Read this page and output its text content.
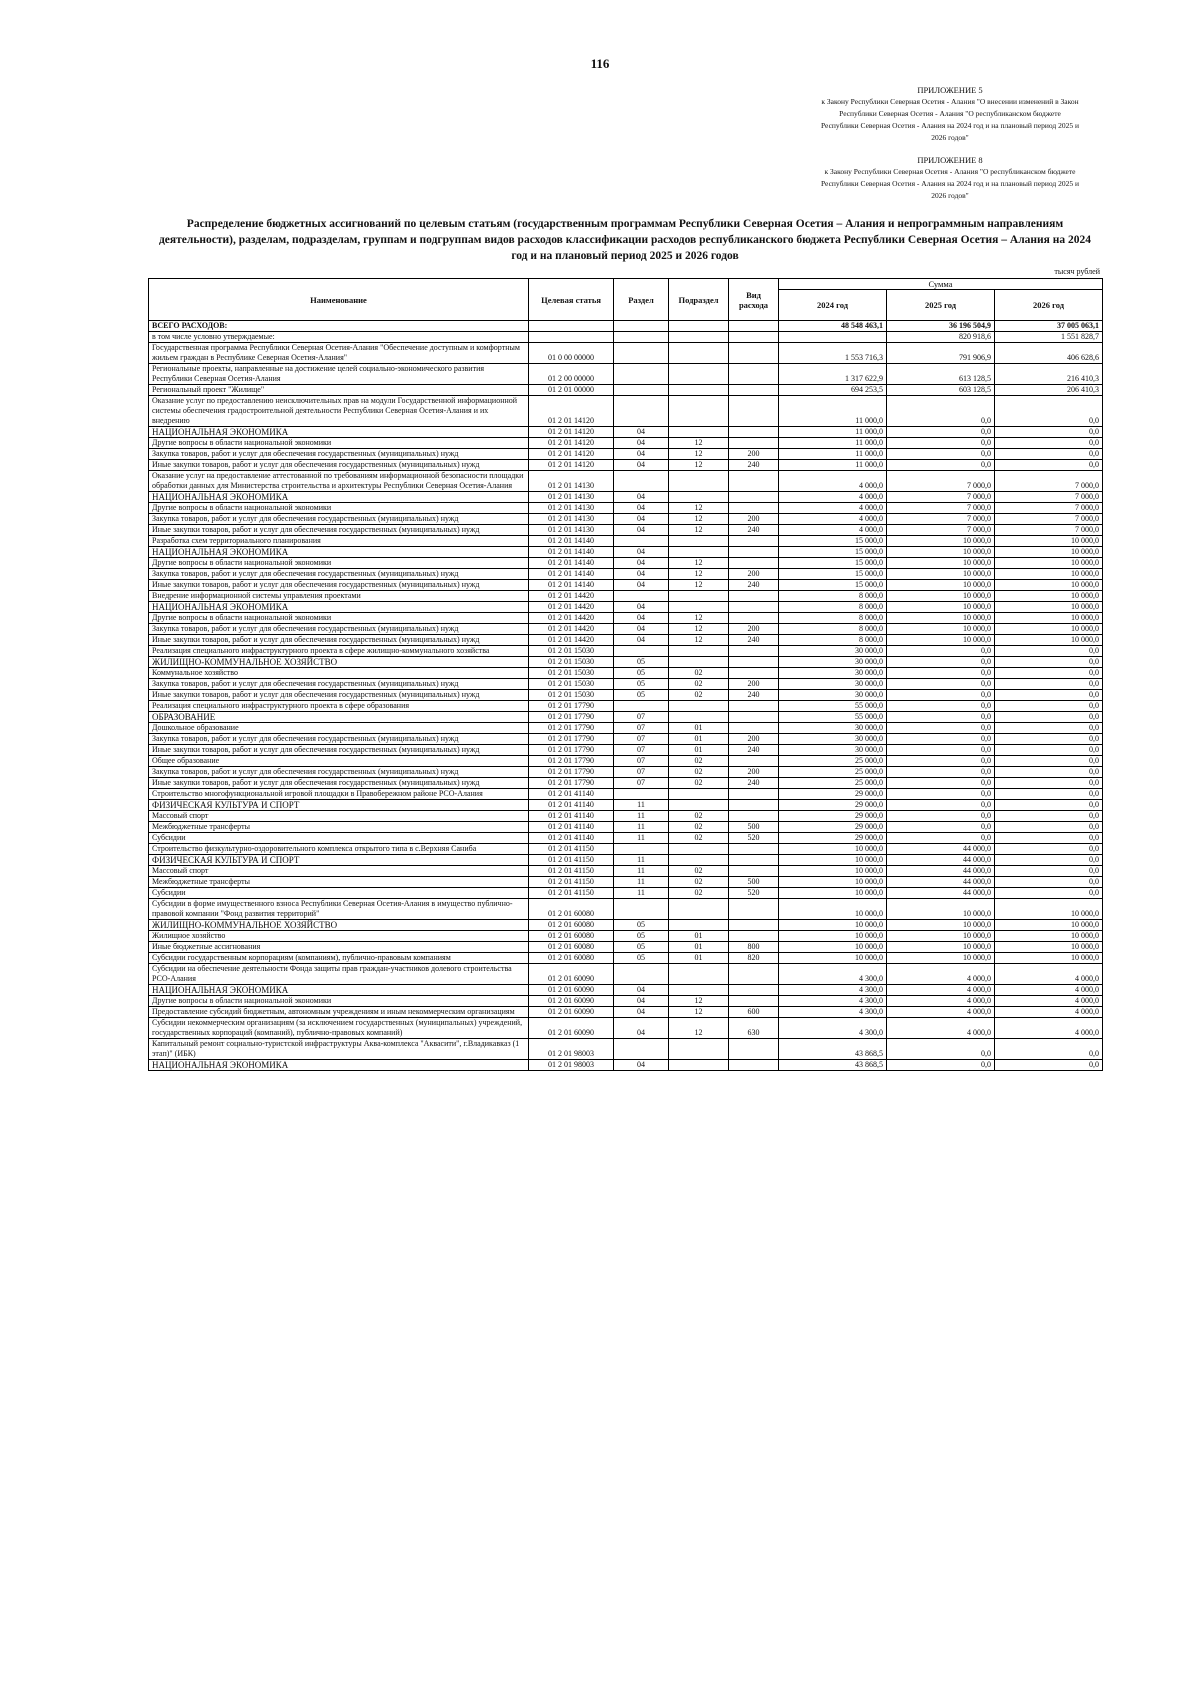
116
ПРИЛОЖЕНИЕ 5
к Закону Республики Северная Осетия - Алания "О внесении изменений в Закон Республики Северная Осетия - Алания "О республиканском бюджете Республики Северная Осетия - Алания на 2024 год и на плановый период 2025 и 2026 годов"
ПРИЛОЖЕНИЕ 8
к Закону Республики Северная Осетия - Алания "О республиканском бюджете Республики Северная Осетия - Алания на 2024 год и на плановый период 2025 и 2026 годов"
Распределение бюджетных ассигнований по целевым статьям (государственным программам Республики Северная Осетия – Алания и непрограммным направлениям деятельности), разделам, подразделам, группам и подгруппам видов расходов классификации расходов республиканского бюджета Республики Северная Осетия – Алания на 2024 год и на плановый период 2025 и 2026 годов
тысяч рублей
Наименование	Целевая статья	Раздел	Подраздел	Вид расхода	Сумма		
					2024 год	2025 год	2026 год
ВСЕГО РАСХОДОВ:					48 548 463,1	36 196 504,9	37 005 063,1
в том числе условно утверждаемые:						820 918,6	1 551 828,7
Государственная программа Республики Северная Осетия-Алания "Обеспечение доступным и комфортным жильем граждан в Республике Северная Осетия-Алания"	01 0 00 00000				1 553 716,3	791 906,9	406 628,6
Региональные проекты, направленные на достижение целей социально-экономического развития Республики Северная Осетия-Алания	01 2 00 00000				1 317 622,9	613 128,5	216 410,3
Региональный проект "Жилище"	01 2 01 00000				694 253,5	603 128,5	206 410,3
Оказание услуг по предоставлению неисключительных прав на модули Государственной информационной системы обеспечения градостроительной деятельности Республики Северная Осетия-Алания и их внедрению	01 2 01 14120				11 000,0	0,0	0,0
НАЦИОНАЛЬНАЯ ЭКОНОМИКА	01 2 01 14120	04			11 000,0	0,0	0,0
Другие вопросы в области национальной экономики	01 2 01 14120	04	12		11 000,0	0,0	0,0
Закупка товаров, работ и услуг для обеспечения государственных (муниципальных) нужд	01 2 01 14120	04	12	200	11 000,0	0,0	0,0
Иные закупки товаров, работ и услуг для обеспечения государственных (муниципальных) нужд	01 2 01 14120	04	12	240	11 000,0	0,0	0,0
Оказание услуг на предоставление аттестованной по требованиям информационной безопасности площадки обработки данных для Министерства строительства и архитектуры Республики Северная Осетия-Алания	01 2 01 14130				4 000,0	7 000,0	7 000,0
НАЦИОНАЛЬНАЯ ЭКОНОМИКА	01 2 01 14130	04			4 000,0	7 000,0	7 000,0
Другие вопросы в области национальной экономики	01 2 01 14130	04	12		4 000,0	7 000,0	7 000,0
Закупка товаров, работ и услуг для обеспечения государственных (муниципальных) нужд	01 2 01 14130	04	12	200	4 000,0	7 000,0	7 000,0
Иные закупки товаров, работ и услуг для обеспечения государственных (муниципальных) нужд	01 2 01 14130	04	12	240	4 000,0	7 000,0	7 000,0
Разработка схем территориального планирования	01 2 01 14140				15 000,0	10 000,0	10 000,0
НАЦИОНАЛЬНАЯ ЭКОНОМИКА	01 2 01 14140	04			15 000,0	10 000,0	10 000,0
Другие вопросы в области национальной экономики	01 2 01 14140	04	12		15 000,0	10 000,0	10 000,0
Закупка товаров, работ и услуг для обеспечения государственных (муниципальных) нужд	01 2 01 14140	04	12	200	15 000,0	10 000,0	10 000,0
Иные закупки товаров, работ и услуг для обеспечения государственных (муниципальных) нужд	01 2 01 14140	04	12	240	15 000,0	10 000,0	10 000,0
Внедрение информационной системы управления проектами	01 2 01 14420				8 000,0	10 000,0	10 000,0
НАЦИОНАЛЬНАЯ ЭКОНОМИКА	01 2 01 14420	04			8 000,0	10 000,0	10 000,0
Другие вопросы в области национальной экономики	01 2 01 14420	04	12		8 000,0	10 000,0	10 000,0
Закупка товаров, работ и услуг для обеспечения государственных (муниципальных) нужд	01 2 01 14420	04	12	200	8 000,0	10 000,0	10 000,0
Иные закупки товаров, работ и услуг для обеспечения государственных (муниципальных) нужд	01 2 01 14420	04	12	240	8 000,0	10 000,0	10 000,0
Реализация специального инфраструктурного проекта в сфере жилищно-коммунального хозяйства	01 2 01 15030				30 000,0	0,0	0,0
ЖИЛИЩНО-КОММУНАЛЬНОЕ ХОЗЯЙСТВО	01 2 01 15030	05			30 000,0	0,0	0,0
Коммунальное хозяйство	01 2 01 15030	05	02		30 000,0	0,0	0,0
Закупка товаров, работ и услуг для обеспечения государственных (муниципальных) нужд	01 2 01 15030	05	02	200	30 000,0	0,0	0,0
Иные закупки товаров, работ и услуг для обеспечения государственных (муниципальных) нужд	01 2 01 15030	05	02	240	30 000,0	0,0	0,0
Реализация специального инфраструктурного проекта в сфере образования	01 2 01 17790				55 000,0	0,0	0,0
ОБРАЗОВАНИЕ	01 2 01 17790	07			55 000,0	0,0	0,0
Дошкольное образование	01 2 01 17790	07	01		30 000,0	0,0	0,0
Закупка товаров, работ и услуг для обеспечения государственных (муниципальных) нужд	01 2 01 17790	07	01	200	30 000,0	0,0	0,0
Иные закупки товаров, работ и услуг для обеспечения государственных (муниципальных) нужд	01 2 01 17790	07	01	240	30 000,0	0,0	0,0
Общее образование	01 2 01 17790	07	02		25 000,0	0,0	0,0
Закупка товаров, работ и услуг для обеспечения государственных (муниципальных) нужд	01 2 01 17790	07	02	200	25 000,0	0,0	0,0
Иные закупки товаров, работ и услуг для обеспечения государственных (муниципальных) нужд	01 2 01 17790	07	02	240	25 000,0	0,0	0,0
Строительство многофункциональной игровой площадки в Правобережном районе РСО-Алания	01 2 01 41140				29 000,0	0,0	0,0
ФИЗИЧЕСКАЯ КУЛЬТУРА И СПОРТ	01 2 01 41140	11			29 000,0	0,0	0,0
Массовый спорт	01 2 01 41140	11	02		29 000,0	0,0	0,0
Межбюджетные трансферты	01 2 01 41140	11	02	500	29 000,0	0,0	0,0
Субсидии	01 2 01 41140	11	02	520	29 000,0	0,0	0,0
Строительство физкультурно-оздоровительного комплекса открытого типа в с.Верхняя Саниба	01 2 01 41150				10 000,0	44 000,0	0,0
ФИЗИЧЕСКАЯ КУЛЬТУРА И СПОРТ	01 2 01 41150	11			10 000,0	44 000,0	0,0
Массовый спорт	01 2 01 41150	11	02		10 000,0	44 000,0	0,0
Межбюджетные трансферты	01 2 01 41150	11	02	500	10 000,0	44 000,0	0,0
Субсидии	01 2 01 41150	11	02	520	10 000,0	44 000,0	0,0
Субсидии в форме имущественного взноса Республики Северная Осетия-Алания в имущество публично-правовой компании "Фонд развития территорий"	01 2 01 60080				10 000,0	10 000,0	10 000,0
ЖИЛИЩНО-КОММУНАЛЬНОЕ ХОЗЯЙСТВО	01 2 01 60080	05			10 000,0	10 000,0	10 000,0
Жилищное хозяйство	01 2 01 60080	05	01		10 000,0	10 000,0	10 000,0
Иные бюджетные ассигнования	01 2 01 60080	05	01	800	10 000,0	10 000,0	10 000,0
Субсидии государственным корпорациям (компаниям), публично-правовым компаниям	01 2 01 60080	05	01	820	10 000,0	10 000,0	10 000,0
Субсидии на обеспечение деятельности Фонда защиты прав граждан-участников долевого строительства РСО-Алания	01 2 01 60090				4 300,0	4 000,0	4 000,0
НАЦИОНАЛЬНАЯ ЭКОНОМИКА	01 2 01 60090	04			4 300,0	4 000,0	4 000,0
Другие вопросы в области национальной экономики	01 2 01 60090	04	12		4 300,0	4 000,0	4 000,0
Предоставление субсидий бюджетным, автономным учреждениям и иным некоммерческим организациям	01 2 01 60090	04	12	600	4 300,0	4 000,0	4 000,0
Субсидии некоммерческим организациям (за исключением государственных (муниципальных) учреждений, государственных корпораций (компаний), публично-правовых компаний)	01 2 01 60090	04	12	630	4 300,0	4 000,0	4 000,0
Капитальный ремонт социально-туристской инфраструктуры Аква-комплекса "Аквасити", г.Владикавказ (1 этап)" (ИБК)	01 2 01 98003				43 868,5	0,0	0,0
НАЦИОНАЛЬНАЯ ЭКОНОМИКА	01 2 01 98003	04			43 868,5	0,0	0,0
